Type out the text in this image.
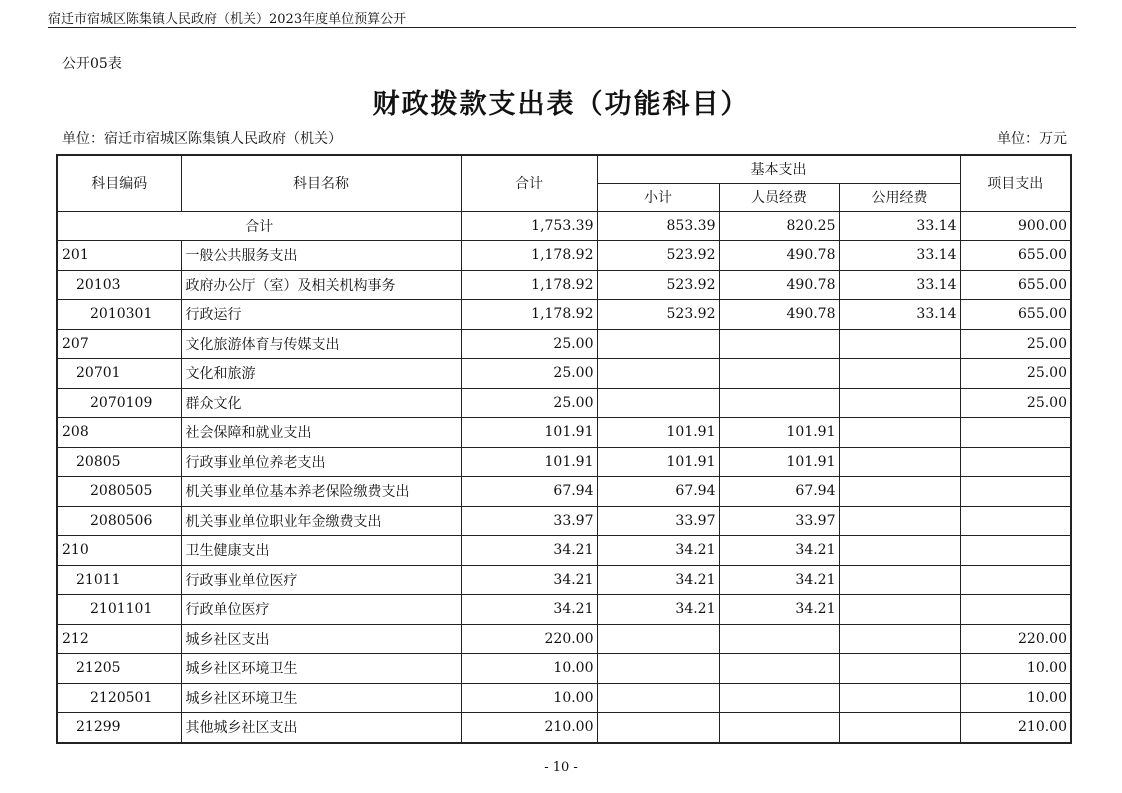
宿迁市宿城区陈集镇人民政府（机关）2023年度单位预算公开
公开05表
财政拨款支出表（功能科目）
单位：宿迁市宿城区陈集镇人民政府（机关）	单位：万元
科目编码	科目名称	合计	基本支出			项目支出
			小计	人员经费	公用经费	
合计		1,753.39	853.39	820.25	33.14	900.00
201	一般公共服务支出	1,178.92	523.92	490.78	33.14	655.00
20103	政府办公厅（室）及相关机构事务	1,178.92	523.92	490.78	33.14	655.00
2010301	行政运行	1,178.92	523.92	490.78	33.14	655.00
207	文化旅游体育与传媒支出	25.00				25.00
20701	文化和旅游	25.00				25.00
2070109	群众文化	25.00				25.00
208	社会保障和就业支出	101.91	101.91	101.91		
20805	行政事业单位养老支出	101.91	101.91	101.91		
2080505	机关事业单位基本养老保险缴费支出	67.94	67.94	67.94		
2080506	机关事业单位职业年金缴费支出	33.97	33.97	33.97		
210	卫生健康支出	34.21	34.21	34.21		
21011	行政事业单位医疗	34.21	34.21	34.21		
2101101	行政单位医疗	34.21	34.21	34.21		
212	城乡社区支出	220.00				220.00
21205	城乡社区环境卫生	10.00				10.00
2120501	城乡社区环境卫生	10.00				10.00
21299	其他城乡社区支出	210.00				210.00
- 10 -
